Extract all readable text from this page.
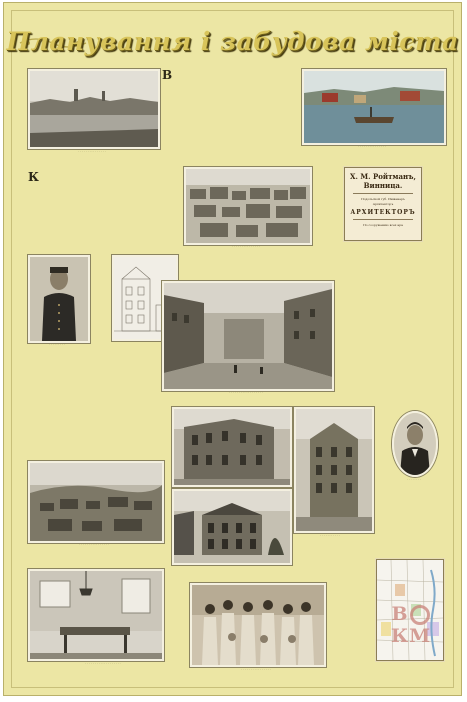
Планування і забудова міста
· · · · · · · · · · · · · · ·
В
· · · · · · · · · · · · · · ·
К
· · · · · · · · · · · · · · ·
Х. М. Ройтманъ, Винница.
Подольской губ. Инженеръ
Архитекторъ
АРХИТЕКТОРЪ
По сооружению всех ара
· · · · · · · · ·
· · · · · · · · · · · · · · · · · ·
· · · · · · · ·
· · · · · · · · · · · · · · · ·
· · · · · · · · · · ·
· · · · · · · · · · · · · · · · · · ·
· · · · · · · · · · · · · · · ·
ВКМ
